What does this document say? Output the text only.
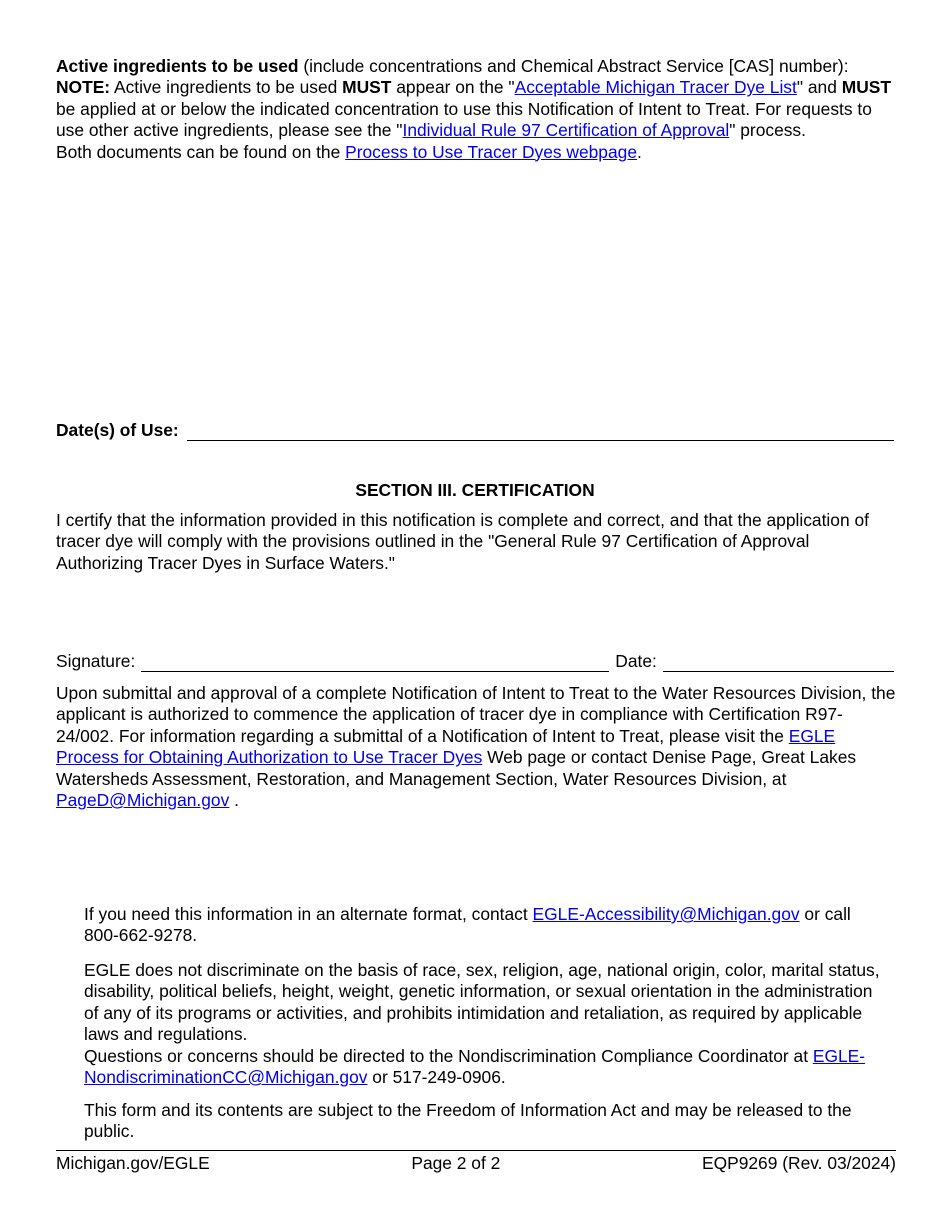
Active ingredients to be used (include concentrations and Chemical Abstract Service [CAS] number): NOTE: Active ingredients to be used MUST appear on the "Acceptable Michigan Tracer Dye List" and MUST be applied at or below the indicated concentration to use this Notification of Intent to Treat. For requests to use other active ingredients, please see the "Individual Rule 97 Certification of Approval" process.
Both documents can be found on the Process to Use Tracer Dyes webpage.
Date(s) of Use:
SECTION III. CERTIFICATION
I certify that the information provided in this notification is complete and correct, and that the application of tracer dye will comply with the provisions outlined in the "General Rule 97 Certification of Approval Authorizing Tracer Dyes in Surface Waters."
Signature:	Date:
Upon submittal and approval of a complete Notification of Intent to Treat to the Water Resources Division, the applicant is authorized to commence the application of tracer dye in compliance with Certification R97-24/002. For information regarding a submittal of a Notification of Intent to Treat, please visit the EGLE Process for Obtaining Authorization to Use Tracer Dyes Web page or contact Denise Page, Great Lakes Watersheds Assessment, Restoration, and Management Section, Water Resources Division, at PageD@Michigan.gov .
If you need this information in an alternate format, contact EGLE-Accessibility@Michigan.gov or call 800-662-9278.
EGLE does not discriminate on the basis of race, sex, religion, age, national origin, color, marital status, disability, political beliefs, height, weight, genetic information, or sexual orientation in the administration of any of its programs or activities, and prohibits intimidation and retaliation, as required by applicable laws and regulations.
Questions or concerns should be directed to the Nondiscrimination Compliance Coordinator at EGLE-NondiscriminationCC@Michigan.gov or 517-249-0906.
This form and its contents are subject to the Freedom of Information Act and may be released to the public.
Michigan.gov/EGLE	Page 2 of 2	EQP9269 (Rev. 03/2024)
